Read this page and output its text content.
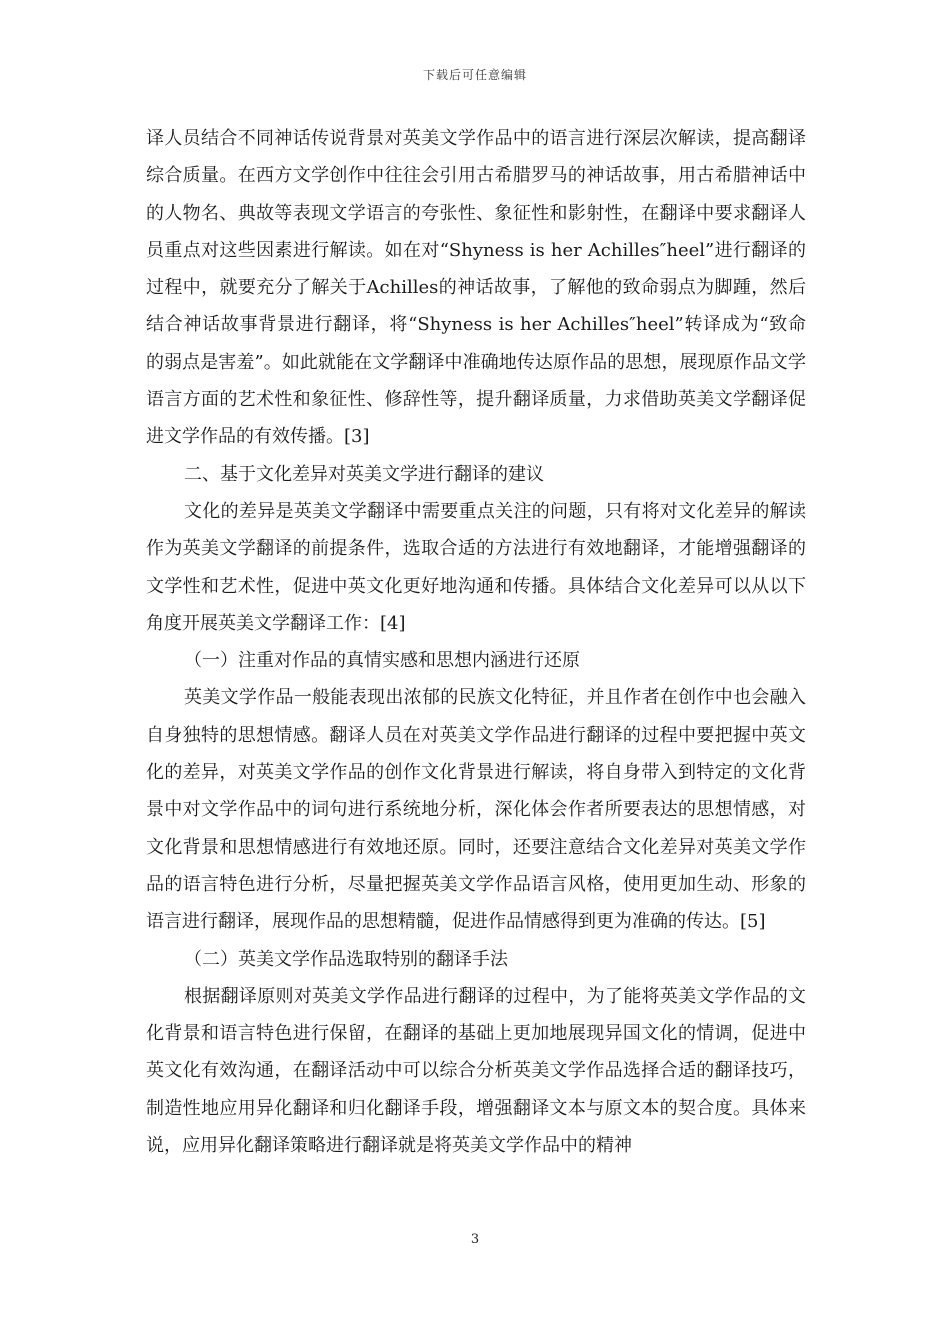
下载后可任意编辑

译人员结合不同神话传说背景对英美文学作品中的语言进行深层次解读，提高翻译综合质量。在西方文学创作中往往会引用古希腊罗马的神话故事，用古希腊神话中的人物名、典故等表现文学语言的夸张性、象征性和影射性，在翻译中要求翻译人员重点对这些因素进行解读。如在对“Shyness is her Achilles″heel”进行翻译的过程中，就要充分了解关于Achilles的神话故事，了解他的致命弱点为脚踵，然后结合神话故事背景进行翻译，将“Shyness is her Achilles″heel”转译成为“致命的弱点是害羞”。如此就能在文学翻译中准确地传达原作品的思想，展现原作品文学语言方面的艺术性和象征性、修辞性等，提升翻译质量，力求借助英美文学翻译促进文学作品的有效传播。[3]

二、基于文化差异对英美文学进行翻译的建议

文化的差异是英美文学翻译中需要重点关注的问题，只有将对文化差异的解读作为英美文学翻译的前提条件，选取合适的方法进行有效地翻译，才能增强翻译的文学性和艺术性，促进中英文化更好地沟通和传播。具体结合文化差异可以从以下角度开展英美文学翻译工作：[4]

（一）注重对作品的真情实感和思想内涵进行还原

英美文学作品一般能表现出浓郁的民族文化特征，并且作者在创作中也会融入自身独特的思想情感。翻译人员在对英美文学作品进行翻译的过程中要把握中英文化的差异，对英美文学作品的创作文化背景进行解读，将自身带入到特定的文化背景中对文学作品中的词句进行系统地分析，深化体会作者所要表达的思想情感，对文化背景和思想情感进行有效地还原。同时，还要注意结合文化差异对英美文学作品的语言特色进行分析，尽量把握英美文学作品语言风格，使用更加生动、形象的语言进行翻译，展现作品的思想精髓，促进作品情感得到更为准确的传达。[5]

（二）英美文学作品选取特别的翻译手法

根据翻译原则对英美文学作品进行翻译的过程中，为了能将英美文学作品的文化背景和语言特色进行保留，在翻译的基础上更加地展现异国文化的情调，促进中英文化有效沟通，在翻译活动中可以综合分析英美文学作品选择合适的翻译技巧，制造性地应用异化翻译和归化翻译手段，增强翻译文本与原文本的契合度。具体来说，应用异化翻译策略进行翻译就是将英美文学作品中的精神

3
